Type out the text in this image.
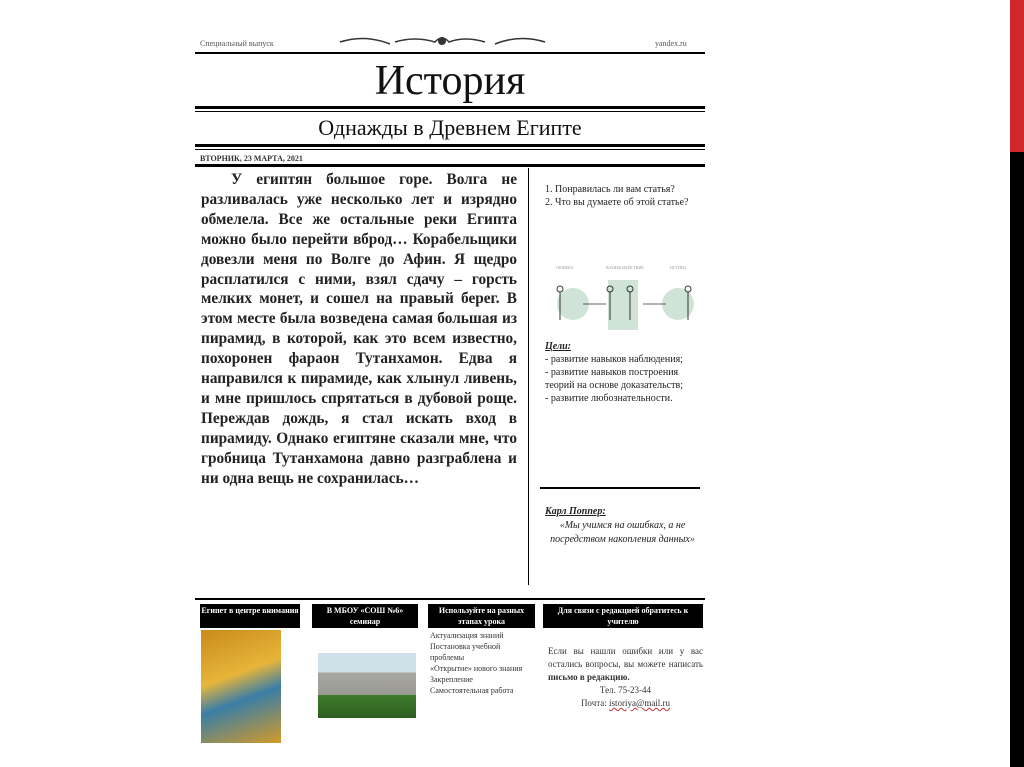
Специальный выпуск	yandex.ru
История
Однажды в Древнем Египте
ВТОРНИК, 23 МАРТА, 2021
У египтян большое горе. Волга не разливалась уже несколько лет и изрядно обмелела. Все же остальные реки Египта можно было перейти вброд… Корабельщики довезли меня по Волге до Афин. Я щедро расплатился с ними, взял сдачу – горсть мелких монет, и сошел на правый берег. В этом месте была возведена самая большая из пирамид, в которой, как это всем известно, похоронен фараон Тутанхамон. Едва я направился к пирамиде, как хлынул ливень, и мне пришлось спрятаться в дубовой роще. Переждав дождь, я стал искать вход в пирамиду. Однако египтяне сказали мне, что гробница Тутанхамона давно разграблена и ни одна вещь не сохранилась…

1. Понравилась ли вам статья?

2. Что вы думаете об этой статье?

ОШИБКА	ВЗАИМОДЕЙСТВИЕ	ИСТИНА
Цели:
- развитие навыков наблюдения;
- развитие навыков построения теорий на основе доказательств;
- развитие любознательности.
Карл Поппер:
«Мы учимся на ошибках, а не посредством накопления данных»
Египет в центре внимания	В МБОУ «СОШ №6» семинар
Используйте на разных этапах урока
Для связи с редакцией обратитесь к учителю
Актуализация знаний
Постановка учебной проблемы
«Открытие» нового знания
Закрепление
Самостоятельная работа
Если вы нашли ошибки или у вас остались вопросы, вы можете написать письмо в редакцию.
Тел. 75-23-44
Почта: istoriya@mail.ru
